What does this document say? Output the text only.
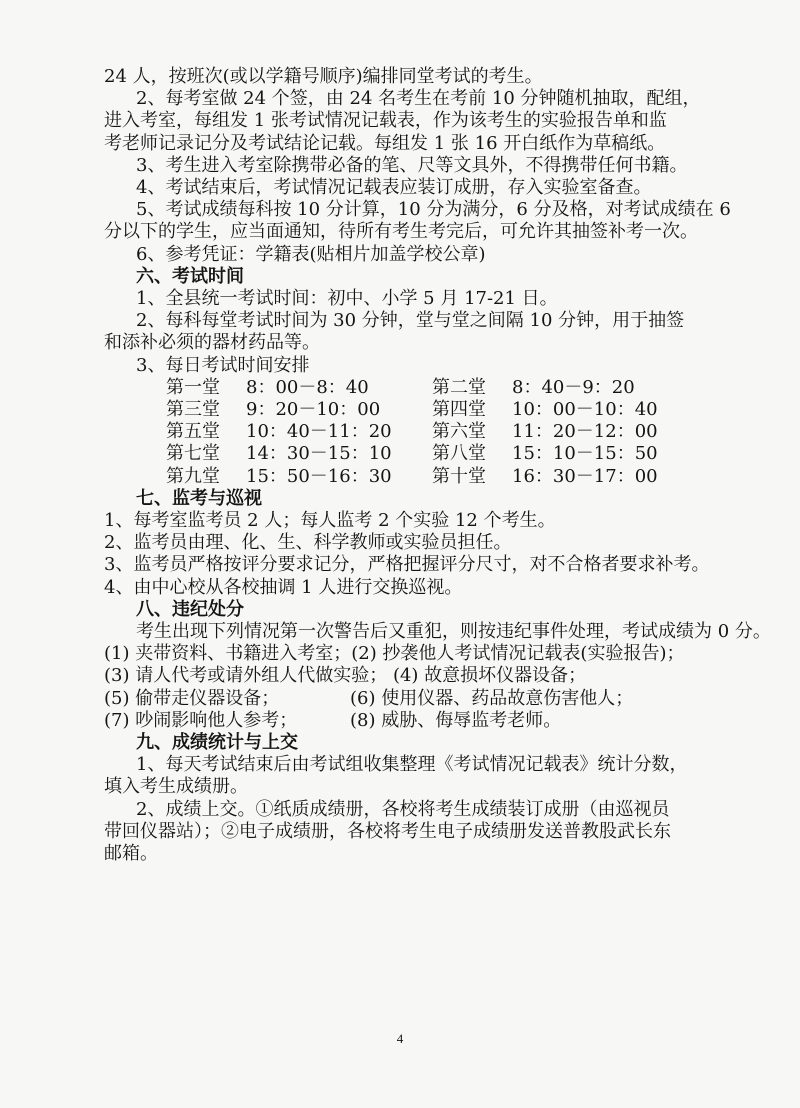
24 人，按班次(或以学籍号顺序)编排同堂考试的考生。
2、每考室做 24 个签，由 24 名考生在考前 10 分钟随机抽取，配组，
进入考室，每组发 1 张考试情况记载表，作为该考生的实验报告单和监
考老师记录记分及考试结论记载。每组发 1 张 16 开白纸作为草稿纸。
3、考生进入考室除携带必备的笔、尺等文具外，不得携带任何书籍。
4、考试结束后，考试情况记载表应装订成册，存入实验室备查。
5、考试成绩每科按 10 分计算，10 分为满分，6 分及格，对考试成绩在 6
分以下的学生，应当面通知，待所有考生考完后，可允许其抽签补考一次。
6、参考凭证：学籍表(贴相片加盖学校公章)
六、考试时间
1、全县统一考试时间：初中、小学 5 月 17-21 日。
2、每科每堂考试时间为 30 分钟，堂与堂之间隔 10 分钟，用于抽签
和添补必须的器材药品等。
3、每日考试时间安排
第一堂	8：00－8：40	第二堂	8：40－9：20
第三堂	9：20－10：00	第四堂	10：00－10：40
第五堂	10：40－11：20 第六堂	11：20－12：00
第七堂	14：30－15：10 第八堂	15：10－15：50
第九堂	15：50－16：30 第十堂	16：30－17：00
七、监考与巡视
1、每考室监考员 2 人；每人监考 2 个实验 12 个考生。
2、监考员由理、化、生、科学教师或实验员担任。
3、监考员严格按评分要求记分，严格把握评分尺寸，对不合格者要求补考。
4、由中心校从各校抽调 1 人进行交换巡视。
八、违纪处分
考生出现下列情况第一次警告后又重犯，则按违纪事件处理，考试成绩为 0 分。
(1) 夹带资料、书籍进入考室；(2) 抄袭他人考试情况记载表(实验报告)；
(3) 请人代考或请外组人代做实验； (4) 故意损坏仪器设备；
(5) 偷带走仪器设备；	(6) 使用仪器、药品故意伤害他人；
(7) 吵闹影响他人参考；	(8) 威胁、侮辱监考老师。
九、成绩统计与上交
1、每天考试结束后由考试组收集整理《考试情况记载表》统计分数，
填入考生成绩册。
2、成绩上交。①纸质成绩册，各校将考生成绩装订成册（由巡视员
带回仪器站）；②电子成绩册，各校将考生电子成绩册发送普教股武长东
邮箱。
4
